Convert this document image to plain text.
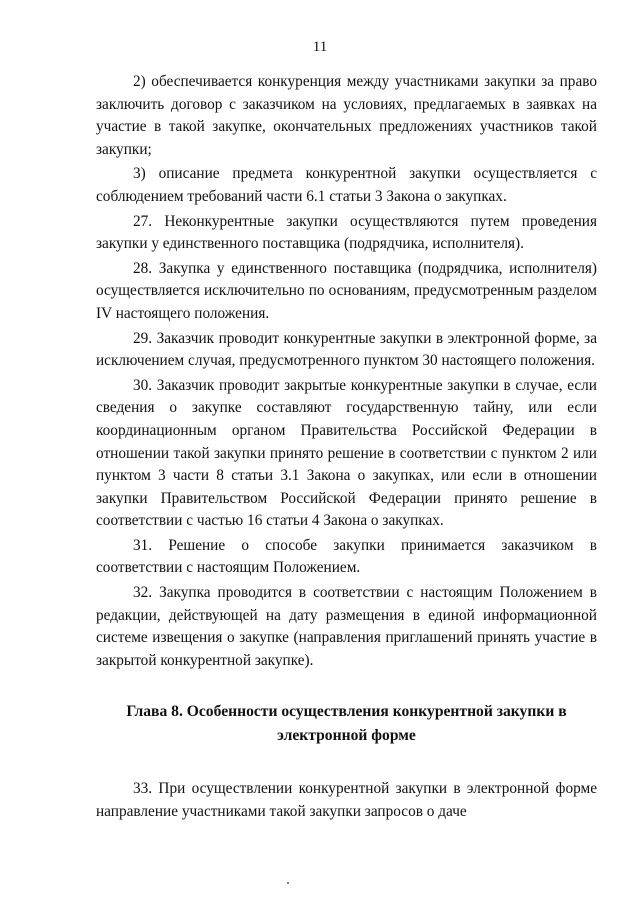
11

2) обеспечивается конкуренция между участниками закупки за право заключить договор с заказчиком на условиях, предлагаемых в заявках на участие в такой закупке, окончательных предложениях участников такой закупки;

3) описание предмета конкурентной закупки осуществляется с соблюдением требований части 6.1 статьи 3 Закона о закупках.

27. Неконкурентные закупки осуществляются путем проведения закупки у единственного поставщика (подрядчика, исполнителя).

28. Закупка у единственного поставщика (подрядчика, исполнителя) осуществляется исключительно по основаниям, предусмотренным разделом IV настоящего положения.

29. Заказчик проводит конкурентные закупки в электронной форме, за исключением случая, предусмотренного пунктом 30 настоящего положения.

30. Заказчик проводит закрытые конкурентные закупки в случае, если сведения о закупке составляют государственную тайну, или если координационным органом Правительства Российской Федерации в отношении такой закупки принято решение в соответствии с пунктом 2 или пунктом 3 части 8 статьи 3.1 Закона о закупках, или если в отношении закупки Правительством Российской Федерации принято решение в соответствии с частью 16 статьи 4 Закона о закупках.

31. Решение о способе закупки принимается заказчиком в соответствии с настоящим Положением.

32. Закупка проводится в соответствии с настоящим Положением в редакции, действующей на дату размещения в единой информационной системе извещения о закупке (направления приглашений принять участие в закрытой конкурентной закупке).

Глава 8. Особенности осуществления конкурентной закупки в электронной форме

33. При осуществлении конкурентной закупки в электронной форме направление участниками такой закупки запросов о даче
